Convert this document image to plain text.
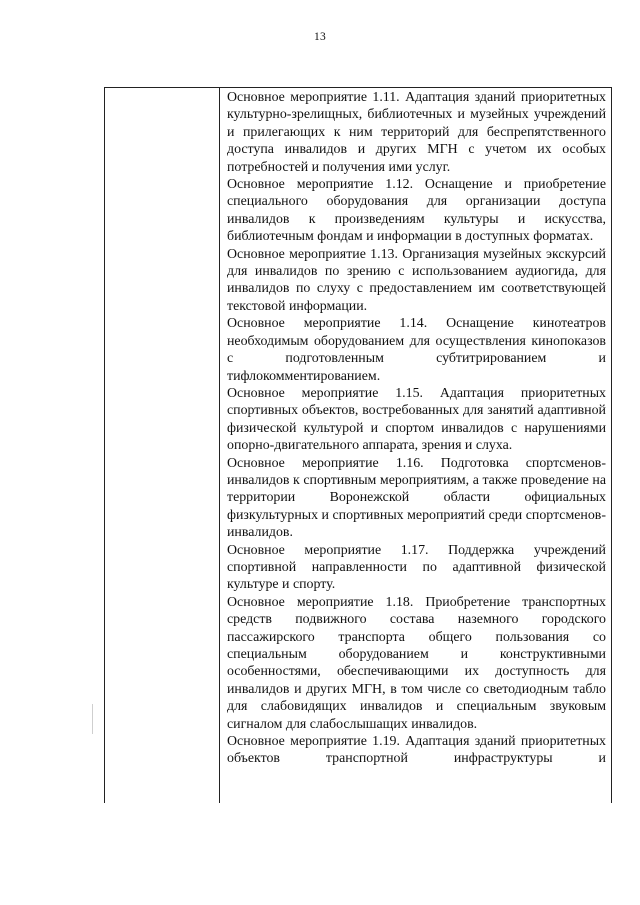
13

Основное мероприятие 1.11. Адаптация зданий приоритетных культурно-зрелищных, библиотечных и музейных учреждений и прилегающих к ним территорий для беспрепятственного доступа инвалидов и других МГН с учетом их особых потребностей и получения ими услуг.

Основное мероприятие 1.12. Оснащение и приобретение специального оборудования для организации доступа инвалидов к произведениям культуры и искусства, библиотечным фондам и информации в доступных форматах.

Основное мероприятие 1.13. Организация музейных экскурсий для инвалидов по зрению с использованием аудиогида, для инвалидов по слуху с предоставлением им соответствующей текстовой информации.

Основное мероприятие 1.14. Оснащение кинотеатров необходимым оборудованием для осуществления кинопоказов с подготовленным субтитрированием и тифлокомментированием.

Основное мероприятие 1.15. Адаптация приоритетных спортивных объектов, востребованных для занятий адаптивной физической культурой и спортом инвалидов с нарушениями опорно-двигательного аппарата, зрения и слуха.

Основное мероприятие 1.16. Подготовка спортсменов-инвалидов к спортивным мероприятиям, а также проведение на территории Воронежской области официальных физкультурных и спортивных мероприятий среди спортсменов-инвалидов.

Основное мероприятие 1.17. Поддержка учреждений спортивной направленности по адаптивной физической культуре и спорту.

Основное мероприятие 1.18. Приобретение транспортных средств подвижного состава наземного городского пассажирского транспорта общего пользования со специальным оборудованием и конструктивными особенностями, обеспечивающими их доступность для инвалидов и других МГН, в том числе со светодиодным табло для слабовидящих инвалидов и специальным звуковым сигналом для слабослышащих инвалидов.

Основное мероприятие 1.19. Адаптация зданий приоритетных объектов транспортной инфраструктуры и
